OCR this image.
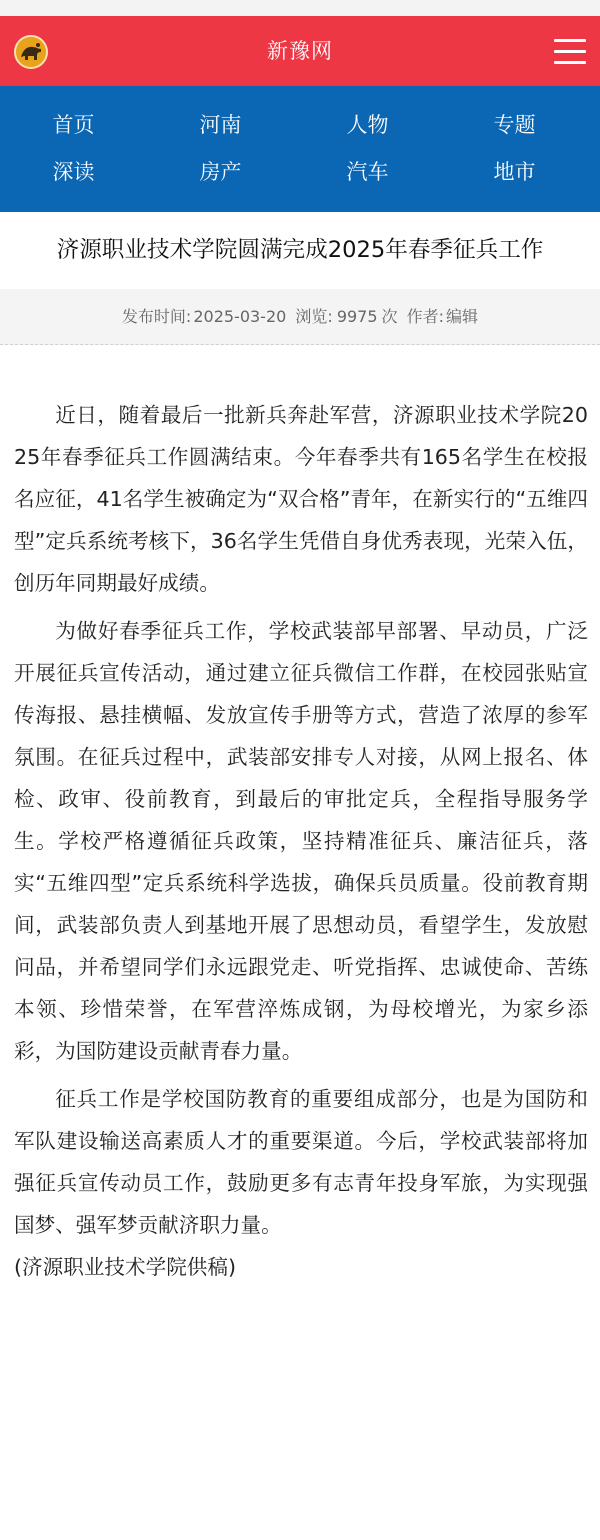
新豫网
首页	河南	人物	专题
深读	房产	汽车	地市
济源职业技术学院圆满完成2025年春季征兵工作
发布时间: 2025-03-20 浏览: 9975 次 作者: 编辑

近日，随着最后一批新兵奔赴军营，济源职业技术学院2025年春季征兵工作圆满结束。今年春季共有165名学生在校报名应征，41名学生被确定为“双合格”青年，在新实行的“五维四型”定兵系统考核下，36名学生凭借自身优秀表现，光荣入伍，创历年同期最好成绩。

为做好春季征兵工作，学校武装部早部署、早动员，广泛开展征兵宣传活动，通过建立征兵微信工作群，在校园张贴宣传海报、悬挂横幅、发放宣传手册等方式，营造了浓厚的参军氛围。在征兵过程中，武装部安排专人对接，从网上报名、体检、政审、役前教育，到最后的审批定兵，全程指导服务学生。学校严格遵循征兵政策，坚持精准征兵、廉洁征兵，落实“五维四型”定兵系统科学选拔，确保兵员质量。役前教育期间，武装部负责人到基地开展了思想动员，看望学生，发放慰问品，并希望同学们永远跟党走、听党指挥、忠诚使命、苦练本领、珍惜荣誉，在军营淬炼成钢，为母校增光，为家乡添彩，为国防建设贡献青春力量。

征兵工作是学校国防教育的重要组成部分，也是为国防和军队建设输送高素质人才的重要渠道。今后，学校武装部将加强征兵宣传动员工作，鼓励更多有志青年投身军旅，为实现强国梦、强军梦贡献济职力量。

(济源职业技术学院供稿)
